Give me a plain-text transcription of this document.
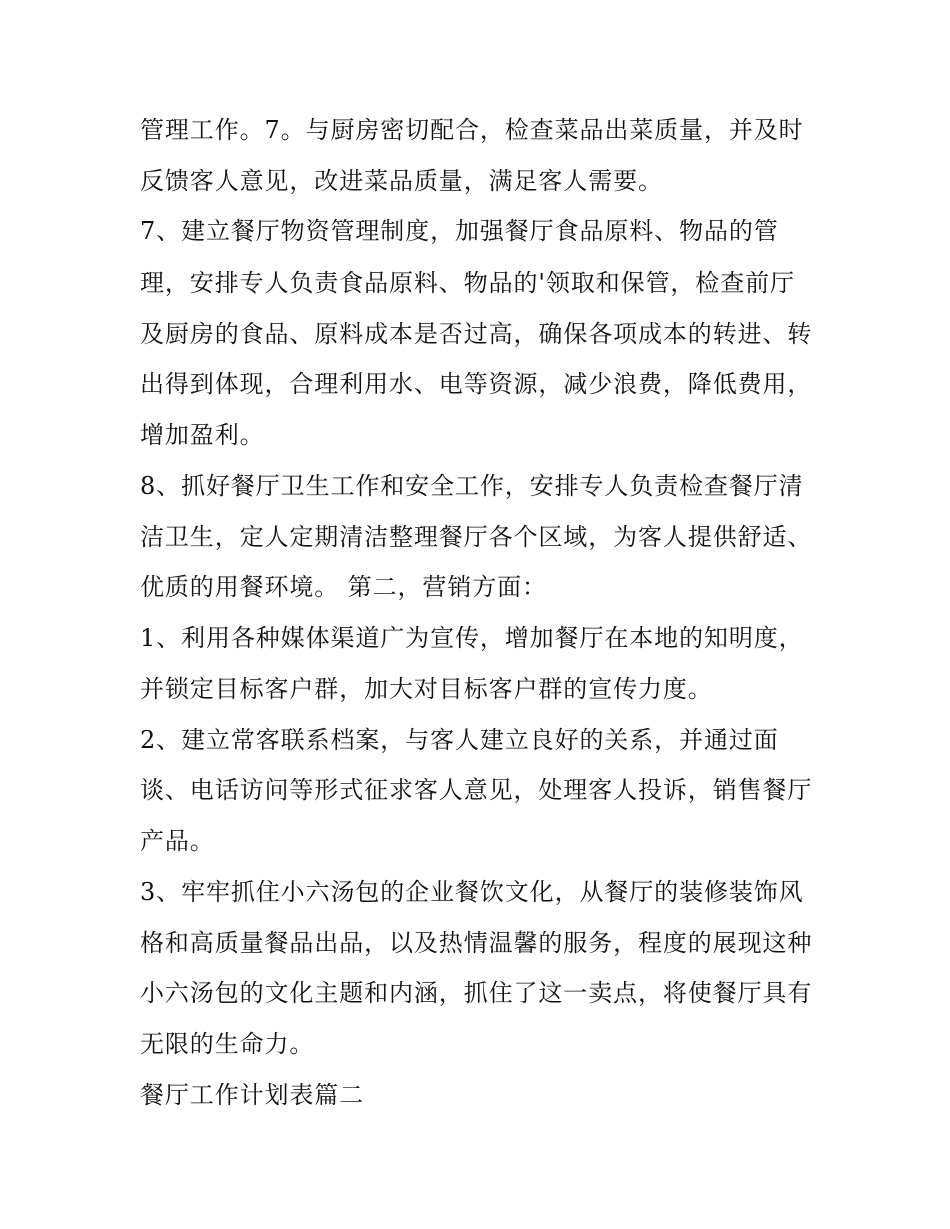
管理工作。7。与厨房密切配合，检查菜品出菜质量，并及时
反馈客人意见，改进菜品质量，满足客人需要。
7、建立餐厅物资管理制度，加强餐厅食品原料、物品的管
理，安排专人负责食品原料、物品的'领取和保管，检查前厅
及厨房的食品、原料成本是否过高，确保各项成本的转进、转
出得到体现，合理利用水、电等资源，减少浪费，降低费用，
增加盈利。
8、抓好餐厅卫生工作和安全工作，安排专人负责检查餐厅清
洁卫生，定人定期清洁整理餐厅各个区域，为客人提供舒适、
优质的用餐环境。 第二，营销方面：
1、利用各种媒体渠道广为宣传，增加餐厅在本地的知明度，
并锁定目标客户群，加大对目标客户群的宣传力度。
2、建立常客联系档案，与客人建立良好的关系，并通过面
谈、电话访问等形式征求客人意见，处理客人投诉，销售餐厅
产品。
3、牢牢抓住小六汤包的企业餐饮文化，从餐厅的装修装饰风
格和高质量餐品出品，以及热情温馨的服务，程度的展现这种
小六汤包的文化主题和内涵，抓住了这一卖点，将使餐厅具有
无限的生命力。
餐厅工作计划表篇二
